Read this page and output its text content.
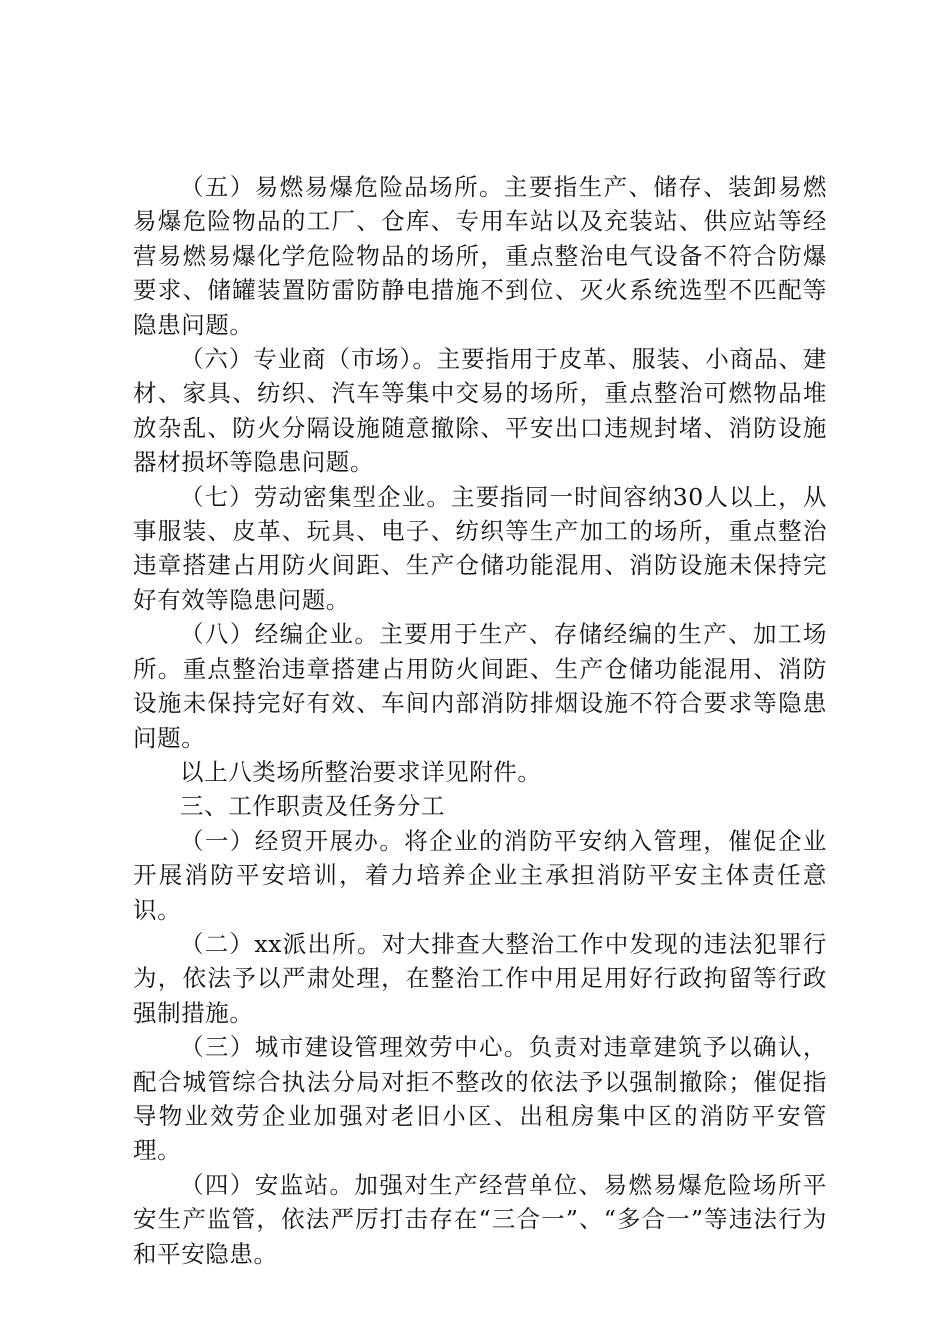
（五）易燃易爆危险品场所。主要指生产、储存、装卸易燃易爆危险物品的工厂、仓库、专用车站以及充装站、供应站等经营易燃易爆化学危险物品的场所，重点整治电气设备不符合防爆要求、储罐装置防雷防静电措施不到位、灭火系统选型不匹配等隐患问题。

（六）专业商（市场）。主要指用于皮革、服装、小商品、建材、家具、纺织、汽车等集中交易的场所，重点整治可燃物品堆放杂乱、防火分隔设施随意撤除、平安出口违规封堵、消防设施器材损坏等隐患问题。

（七）劳动密集型企业。主要指同一时间容纳30人以上，从事服装、皮革、玩具、电子、纺织等生产加工的场所，重点整治违章搭建占用防火间距、生产仓储功能混用、消防设施未保持完好有效等隐患问题。

（八）经编企业。主要用于生产、存储经编的生产、加工场所。重点整治违章搭建占用防火间距、生产仓储功能混用、消防设施未保持完好有效、车间内部消防排烟设施不符合要求等隐患问题。

以上八类场所整治要求详见附件。

三、工作职责及任务分工

（一）经贸开展办。将企业的消防平安纳入管理，催促企业开展消防平安培训，着力培养企业主承担消防平安主体责任意识。

（二）xx派出所。对大排查大整治工作中发现的违法犯罪行为，依法予以严肃处理，在整治工作中用足用好行政拘留等行政强制措施。

（三）城市建设管理效劳中心。负责对违章建筑予以确认，配合城管综合执法分局对拒不整改的依法予以强制撤除；催促指导物业效劳企业加强对老旧小区、出租房集中区的消防平安管理。

（四）安监站。加强对生产经营单位、易燃易爆危险场所平安生产监管，依法严厉打击存在“三合一”、“多合一”等违法行为和平安隐患。
